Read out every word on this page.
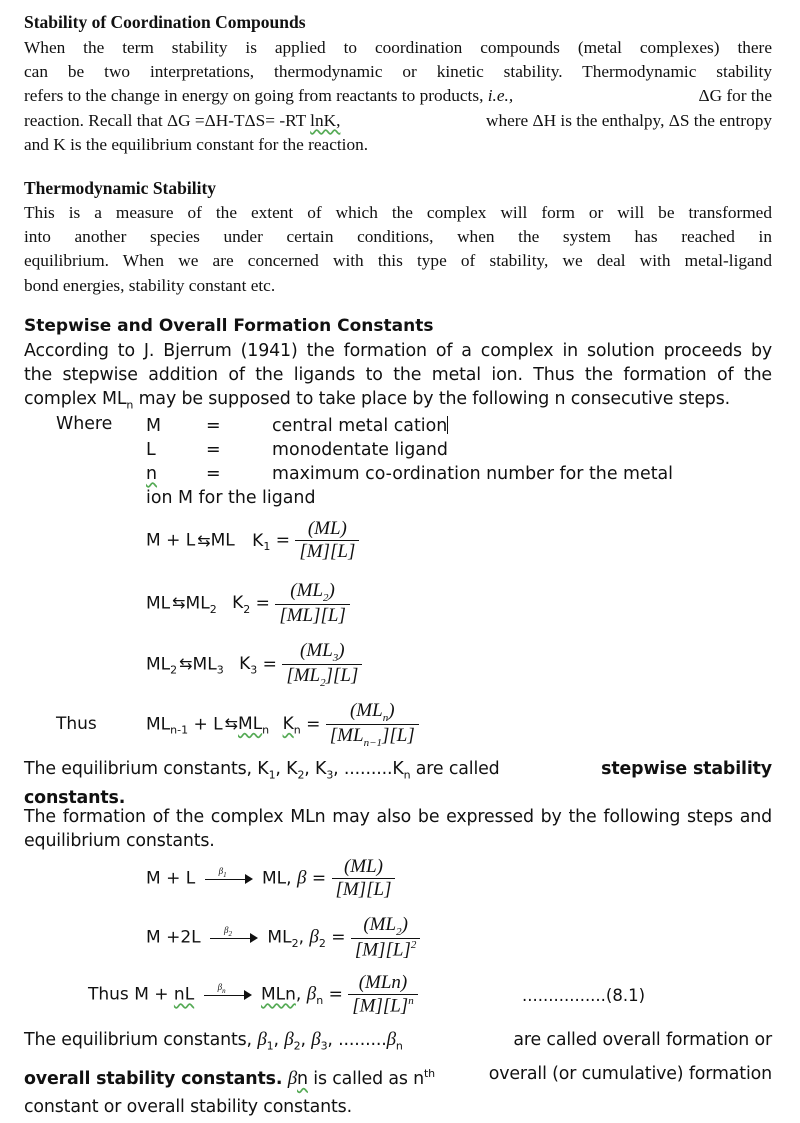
Stability of Coordination Compounds
When the term stability is applied to coordination compounds (metal complexes) there
can be two interpretations, thermodynamic or kinetic stability. Thermodynamic stability
refers to the change in energy on going from reactants to products, i.e.,	ΔG for the
reaction. Recall that ΔG =ΔH-TΔS= -RT lnK,	where ΔH is the enthalpy, ΔS the entropy
and K is the equilibrium constant for the reaction.
Thermodynamic Stability
This is a measure of the extent of which the complex will form or will be transformed
into another species under certain conditions, when the system has reached in
equilibrium. When we are concerned with this type of stability, we deal with metal-ligand
bond energies, stability constant etc.
Stepwise and Overall Formation Constants
According to J. Bjerrum (1941) the formation of a complex in solution proceeds by
the stepwise addition of the ligands to the metal ion. Thus the formation of the
complex $ML_n$ may be supposed to take place by the following n consecutive steps.
Where M	=	central metal cation
L	=	monodentate ligand
n	=	maximum co-ordination number for the metal
ion M for the ligand
M + L ⇆ ML $K_1 = \frac{(ML)}{[M][L]}$
ML ⇆ $ML_2$ $K_2 = \frac{(ML_2)}{[ML][L]}$
$ML_2$ ⇆ $ML_3$ $K_3 = \frac{(ML_3)}{[ML_2][L]}$
Thus	$ML_{n-1} + L$ ⇆ $ML_n$ $K_n = \frac{(ML_n)}{[ML_{n-1}][L]}$
The equilibrium constants, $K_1$, $K_2$, $K_3$, $.........K_n$ are called	stepwise stability
constants.
The formation of the complex MLn may also be expressed by the following steps and
equilibrium constants.
M + L	$\beta_1$ ML, $\beta = \frac{(ML)}{[M][L]}$
M +2L	$\beta_2$ $ML_2$, $\beta_2 = \frac{(ML_2)}{[M][L]^2}$
Thus M + nL	$\beta_n$ MLn, $\beta_n = \frac{\text{(MLn)}}{[M][L]^n}$	................(8.1)
The equilibrium constants, $\beta_1$, $\beta_2$, $\beta_3$, $.........\beta_n$	are called overall formation or
overall stability constants. βn is called as $n^{th}$	overall (or cumulative) formation
constant or overall stability constants.
